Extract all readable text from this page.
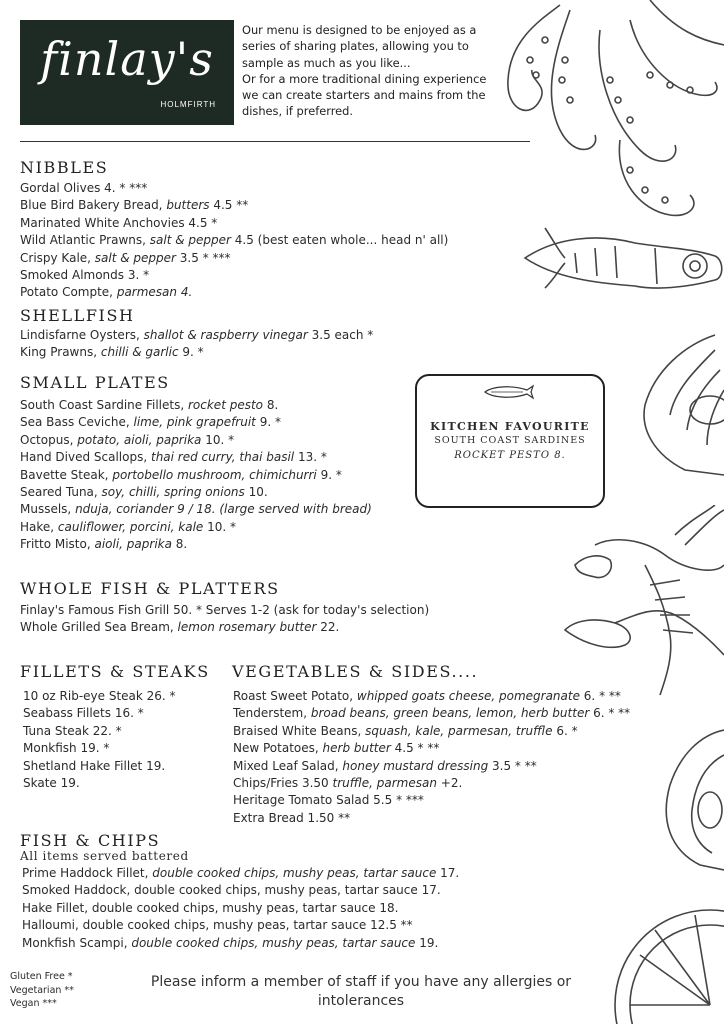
finlay's
HOLMFIRTH
Our menu is designed to be enjoyed as a
series of sharing plates, allowing you to
sample as much as you like...
Or for a more traditional dining experience
we can create starters and mains from the
dishes, if preferred.
NIBBLES
Gordal Olives 4. * ***
Blue Bird Bakery Bread, butters 4.5 **
Marinated White Anchovies 4.5 *
Wild Atlantic Prawns, salt & pepper 4.5 (best eaten whole... head n' all)
Crispy Kale, salt & pepper 3.5 * ***
Smoked Almonds 3. *
Potato Compte, parmesan 4.
SHELLFISH
Lindisfarne Oysters, shallot & raspberry vinegar 3.5 each *
King Prawns, chilli & garlic 9. *
SMALL PLATES
South Coast Sardine Fillets, rocket pesto 8.
Sea Bass Ceviche, lime, pink grapefruit 9. *
Octopus, potato, aioli, paprika 10. *
Hand Dived Scallops, thai red curry, thai basil 13. *
Bavette Steak, portobello mushroom, chimichurri 9. *
Seared Tuna, soy, chilli, spring onions 10.
Mussels, nduja, coriander 9 / 18. (large served with bread)
Hake, cauliflower, porcini, kale 10. *
Fritto Misto, aioli, paprika 8.
KITCHEN FAVOURITE
SOUTH COAST SARDINES
ROCKET PESTO 8.
WHOLE FISH & PLATTERS
Finlay's Famous Fish Grill 50. * Serves 1-2 (ask for today's selection)
Whole Grilled Sea Bream, lemon rosemary butter 22.
FILLETS & STEAKS
10 oz Rib-eye Steak 26. *
Seabass Fillets 16. *
Tuna Steak 22. *
Monkfish 19. *
Shetland Hake Fillet 19.
Skate 19.
VEGETABLES & SIDES....
Roast Sweet Potato, whipped goats cheese, pomegranate 6. * **
Tenderstem, broad beans, green beans, lemon, herb butter 6. * **
Braised White Beans, squash, kale, parmesan, truffle 6. *
New Potatoes, herb butter 4.5 * **
Mixed Leaf Salad, honey mustard dressing 3.5 * **
Chips/Fries 3.50 truffle, parmesan +2.
Heritage Tomato Salad 5.5 * ***
Extra Bread 1.50 **
FISH & CHIPS
All items served battered
Prime Haddock Fillet, double cooked chips, mushy peas, tartar sauce 17.
Smoked Haddock, double cooked chips, mushy peas, tartar sauce 17.
Hake Fillet, double cooked chips, mushy peas, tartar sauce 18.
Halloumi, double cooked chips, mushy peas, tartar sauce 12.5 **
Monkfish Scampi, double cooked chips, mushy peas, tartar sauce 19.
Gluten Free *
Vegetarian **
Vegan ***
Please inform a member of staff if you have any allergies or intolerances
